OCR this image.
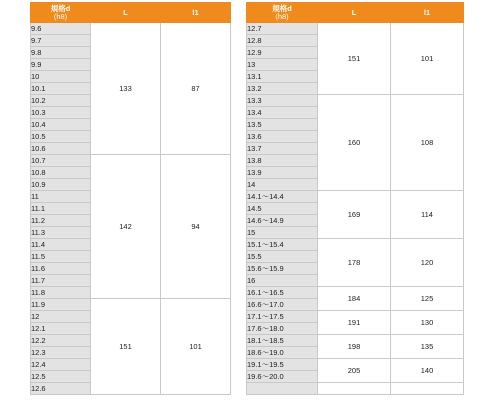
規格d
(h8)	L	l1
9.6	133	87
9.7		
9.8		
9.9		
10		
10.1		
10.2		
10.3		
10.4		
10.5		
10.6		
10.7	142	94
10.8		
10.9		
11		
11.1		
11.2		
11.3		
11.4		
11.5		
11.6		
11.7		
11.8		
11.9	151	101
12		
12.1		
12.2		
12.3		
12.4		
12.5		
12.6		
規格d
(h8)	L	l1
12.7	151	101
12.8		
12.9		
13		
13.1		
13.2		
13.3	160	108
13.4		
13.5		
13.6		
13.7		
13.8		
13.9		
14		
14.1～14.4	169	114
14.5		
14.6～14.9		
15		
15.1～15.4	178	120
15.5		
15.6～15.9		
16		
16.1～16.5	184	125
16.6～17.0		
17.1～17.5	191	130
17.6～18.0		
18.1～18.5	198	135
18.6～19.0		
19.1～19.5	205	140
19.6～20.0		
